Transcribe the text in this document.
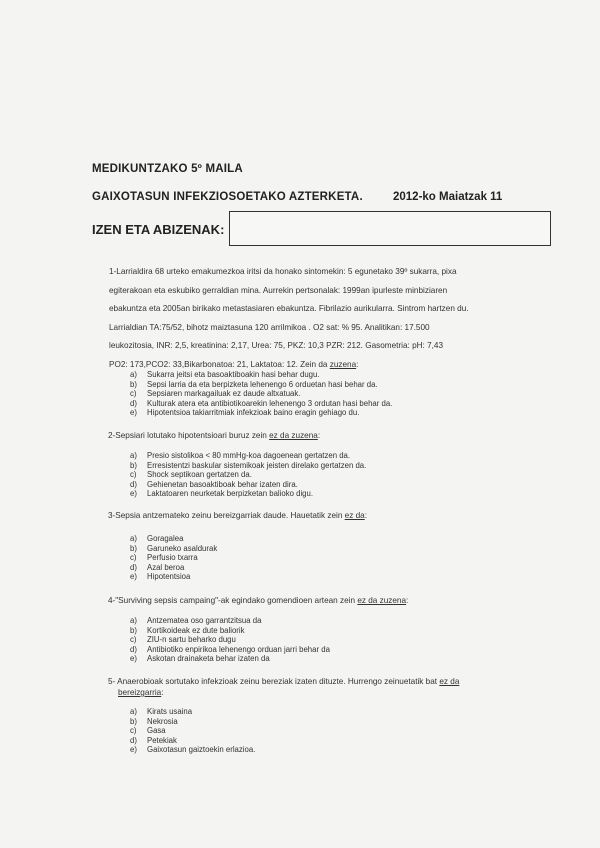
MEDIKUNTZAKO 5º MAILA
GAIXOTASUN INFEKZIOSOETAKO AZTERKETA.	2012-ko Maiatzak 11
IZEN ETA ABIZENAK:

1-Larrialdira 68 urteko emakumezkoa iritsi da honako sintomekin: 5 egunetako 39º sukarra, pixa

egiterakoan eta eskubiko gerraldian mina. Aurrekin pertsonalak: 1999an ipurleste minbiziaren

ebakuntza eta 2005an birikako metastasiaren ebakuntza. Fibrilazio aurikularra. Sintrom hartzen du.

Larrialdian TA:75/52, bihotz maiztasuna 120 arrilmikoa . O2 sat: % 95. Analitikan: 17.500

leukozitosia, INR: 2,5, kreatinina: 2,17, Urea: 75, PKZ: 10,3 PZR: 212. Gasometria: pH: 7,43

PO2: 173,PCO2: 33,Bikarbonatoa: 21, Laktatoa: 12. Zein da zuzena:

a) Sukarra jeitsi eta basoaktiboakin hasi behar dugu.
b) Sepsi larria da eta berpizketa lehenengo 6 orduetan hasi behar da.
c) Sepsiaren markagailuak ez daude altxatuak.
d) Kulturak atera eta antibiotikoarekin lehenengo 3 ordutan hasi behar da.
e) Hipotentsioa takiarritmiak infekzioak baino eragin gehiago du.
2-Sepsiari lotutako hipotentsioari buruz zein ez da zuzena:
a) Presio sistolikoa < 80 mmHg-koa dagoenean gertatzen da.
b) Erresistentzi baskular sistemikoak jeisten direlako gertatzen da.
c) Shock septikoan gertatzen da.
d) Gehienetan basoaktiboak behar izaten dira.
e) Laktatoaren neurketak berpizketan balioko digu.
3-Sepsia antzemateko zeinu bereizgarriak daude. Hauetatik zein ez da:
a) Goragalea
b) Garuneko asaldurak
c) Perfusio txarra
d) Azal beroa
e) Hipotentsioa
4-"Surviving sepsis campaing"-ak egindako gomendioen artean zein ez da zuzena:
a) Antzematea oso garrantzitsua da
b) Kortikoideak ez dute baliorik
c) ZIU-n sartu beharko dugu
d) Antibiotiko enpirikoa lehenengo orduan jarri behar da
e) Askotan drainaketa behar izaten da
5- Anaerobioak sortutako infekzioak zeinu bereziak izaten dituzte. Hurrengo zeinuetatik bat ez da
bereizgarria:
a) Kirats usaina
b) Nekrosia
c) Gasa
d) Petekiak
e) Gaixotasun gaiztoekin erlazioa.
